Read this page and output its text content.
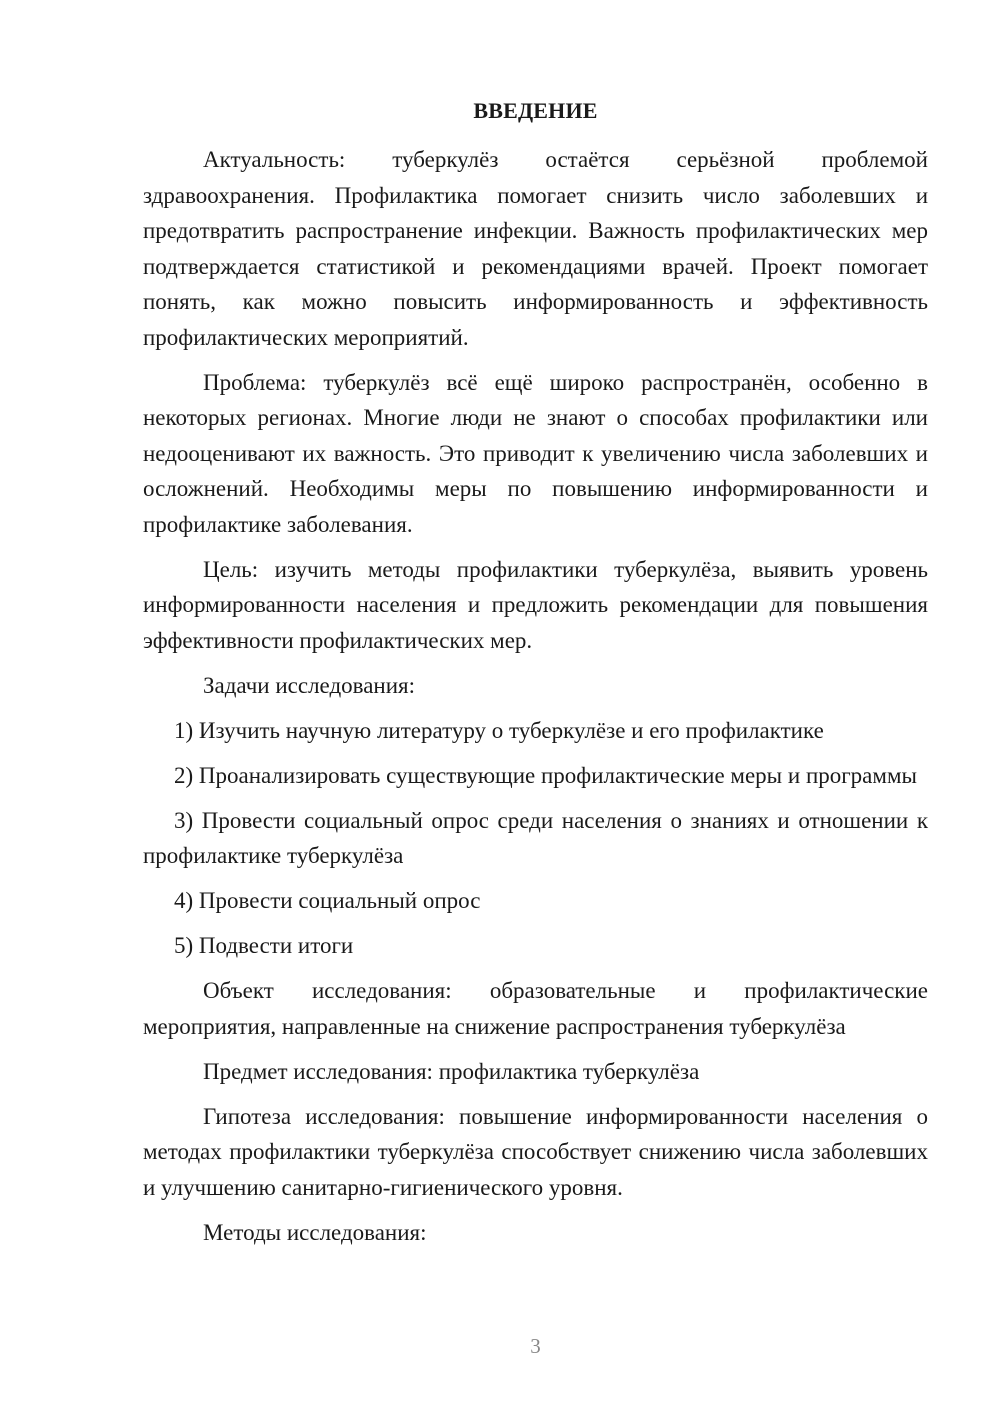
ВВЕДЕНИЕ

Актуальность: туберкулёз остаётся серьёзной проблемой здравоохранения. Профилактика помогает снизить число заболевших и предотвратить распространение инфекции. Важность профилактических мер подтверждается статистикой и рекомендациями врачей. Проект помогает понять, как можно повысить информированность и эффективность профилактических мероприятий.

Проблема: туберкулёз всё ещё широко распространён, особенно в некоторых регионах. Многие люди не знают о способах профилактики или недооценивают их важность. Это приводит к увеличению числа заболевших и осложнений. Необходимы меры по повышению информированности и профилактике заболевания.

Цель: изучить методы профилактики туберкулёза, выявить уровень информированности населения и предложить рекомендации для повышения эффективности профилактических мер.

Задачи исследования:

1) Изучить научную литературу о туберкулёзе и его профилактике

2) Проанализировать существующие профилактические меры и программы

3) Провести социальный опрос среди населения о знаниях и отношении к профилактике туберкулёза

4) Провести социальный опрос

5) Подвести итоги

Объект исследования: образовательные и профилактические мероприятия, направленные на снижение распространения туберкулёза

Предмет исследования: профилактика туберкулёза

Гипотеза исследования: повышение информированности населения о методах профилактики туберкулёза способствует снижению числа заболевших и улучшению санитарно-гигиенического уровня.

Методы исследования:

3
